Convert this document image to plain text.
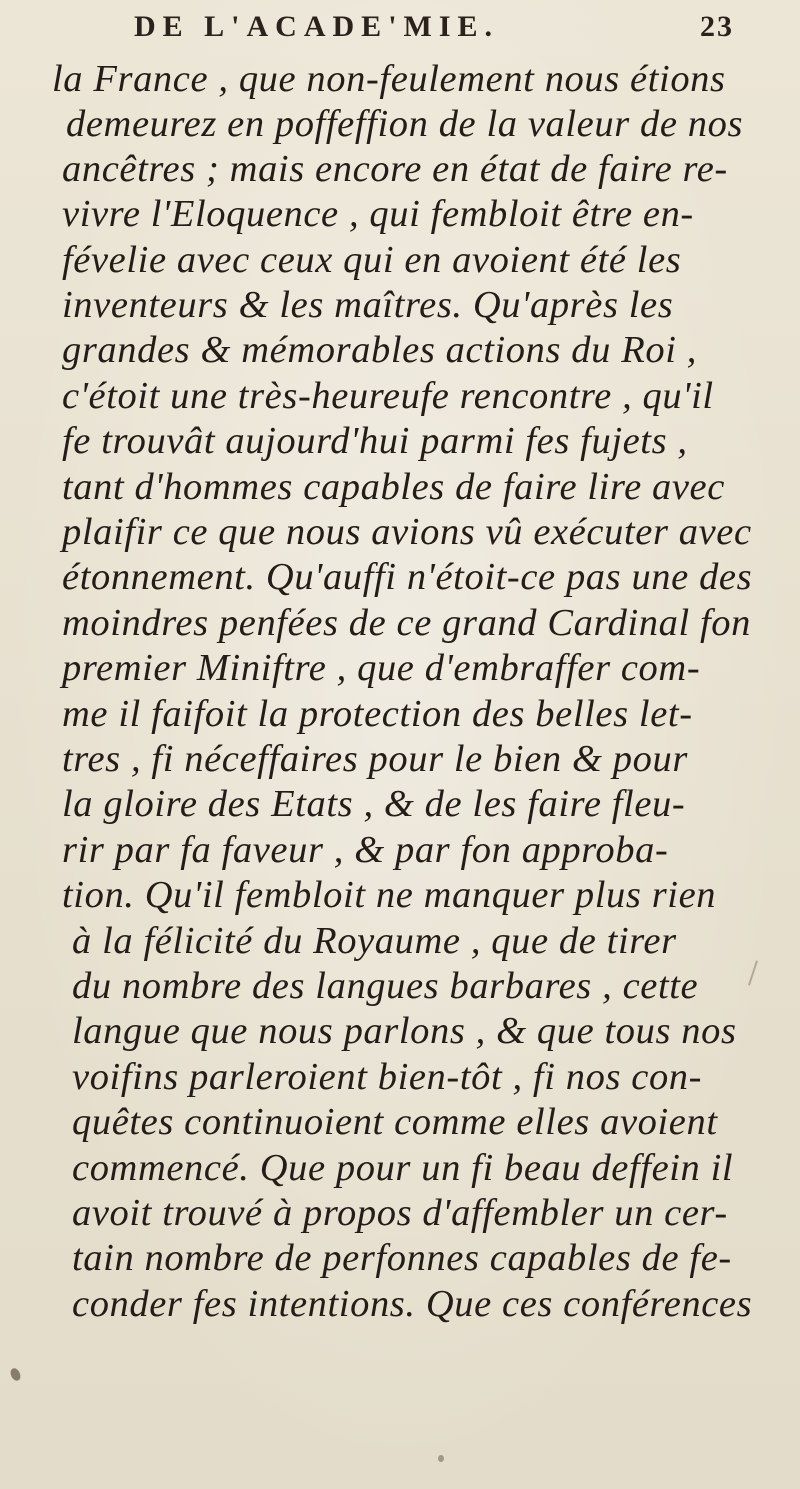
DE L'ACADE'MIE.	23
la France , que non-feulement nous étions
demeurez en poffeffion de la valeur de nos
ancêtres ; mais encore en état de faire re-
vivre l'Eloquence , qui fembloit être en-
févelie avec ceux qui en avoient été les
inventeurs & les maîtres. Qu'après les
grandes & mémorables actions du Roi ,
c'étoit une très-heureufe rencontre , qu'il
fe trouvât aujourd'hui parmi fes fujets ,
tant d'hommes capables de faire lire avec
plaifir ce que nous avions vû exécuter avec
étonnement. Qu'auffi n'étoit-ce pas une des
moindres penfées de ce grand Cardinal fon
premier Miniftre , que d'embraffer com-
me il faifoit la protection des belles let-
tres , fi néceffaires pour le bien & pour
la gloire des Etats , & de les faire fleu-
rir par fa faveur , & par fon approba-
tion. Qu'il fembloit ne manquer plus rien
à la félicité du Royaume , que de tirer
du nombre des langues barbares , cette
langue que nous parlons , & que tous nos
voifins parleroient bien-tôt , fi nos con-
quêtes continuoient comme elles avoient
commencé. Que pour un fi beau deffein il
avoit trouvé à propos d'affembler un cer-
tain nombre de perfonnes capables de fe-
conder fes intentions. Que ces conférences
